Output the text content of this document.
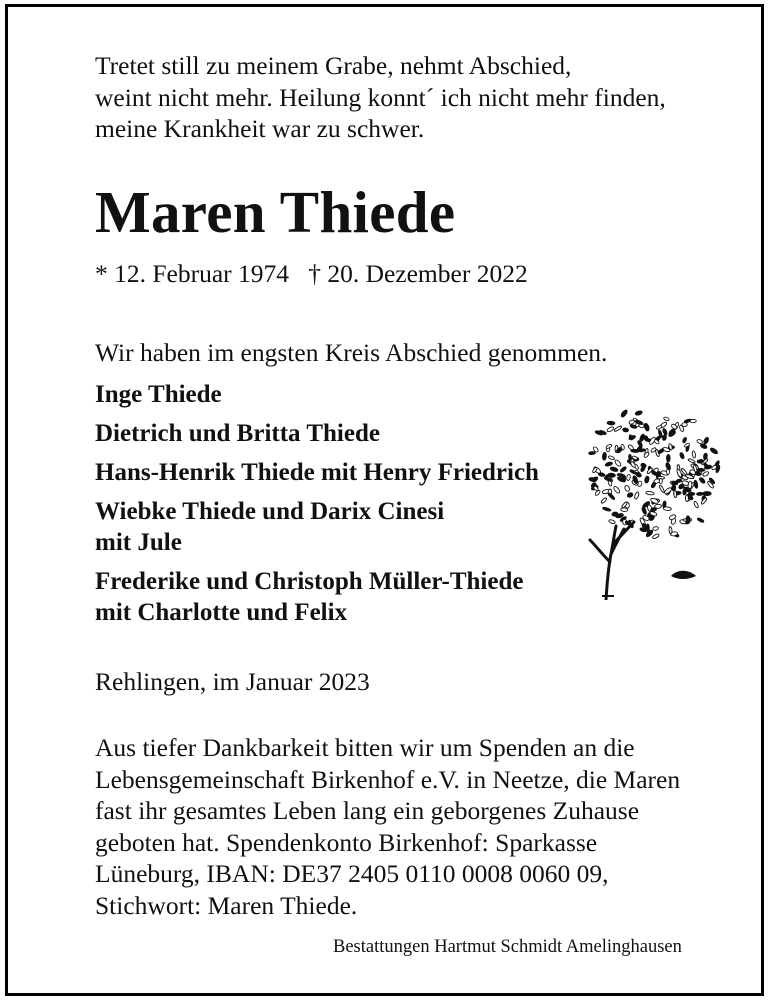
Tretet still zu meinem Grabe, nehmt Abschied,
weint nicht mehr. Heilung konnt´ ich nicht mehr finden,
meine Krankheit war zu schwer.
Maren Thiede
* 12. Februar 1974 † 20. Dezember 2022
Wir haben im engsten Kreis Abschied genommen.
Inge Thiede
Dietrich und Britta Thiede
Hans-Henrik Thiede mit Henry Friedrich
Wiebke Thiede und Darix Cinesi
mit Jule
Frederike und Christoph Müller-Thiede
mit Charlotte und Felix
Rehlingen, im Januar 2023
Aus tiefer Dankbarkeit bitten wir um Spenden an die
Lebensgemeinschaft Birkenhof e.V. in Neetze, die Maren
fast ihr gesamtes Leben lang ein geborgenes Zuhause
geboten hat. Spendenkonto Birkenhof: Sparkasse
Lüneburg, IBAN: DE37 2405 0110 0008 0060 09,
Stichwort: Maren Thiede.
Bestattungen Hartmut Schmidt Amelinghausen
